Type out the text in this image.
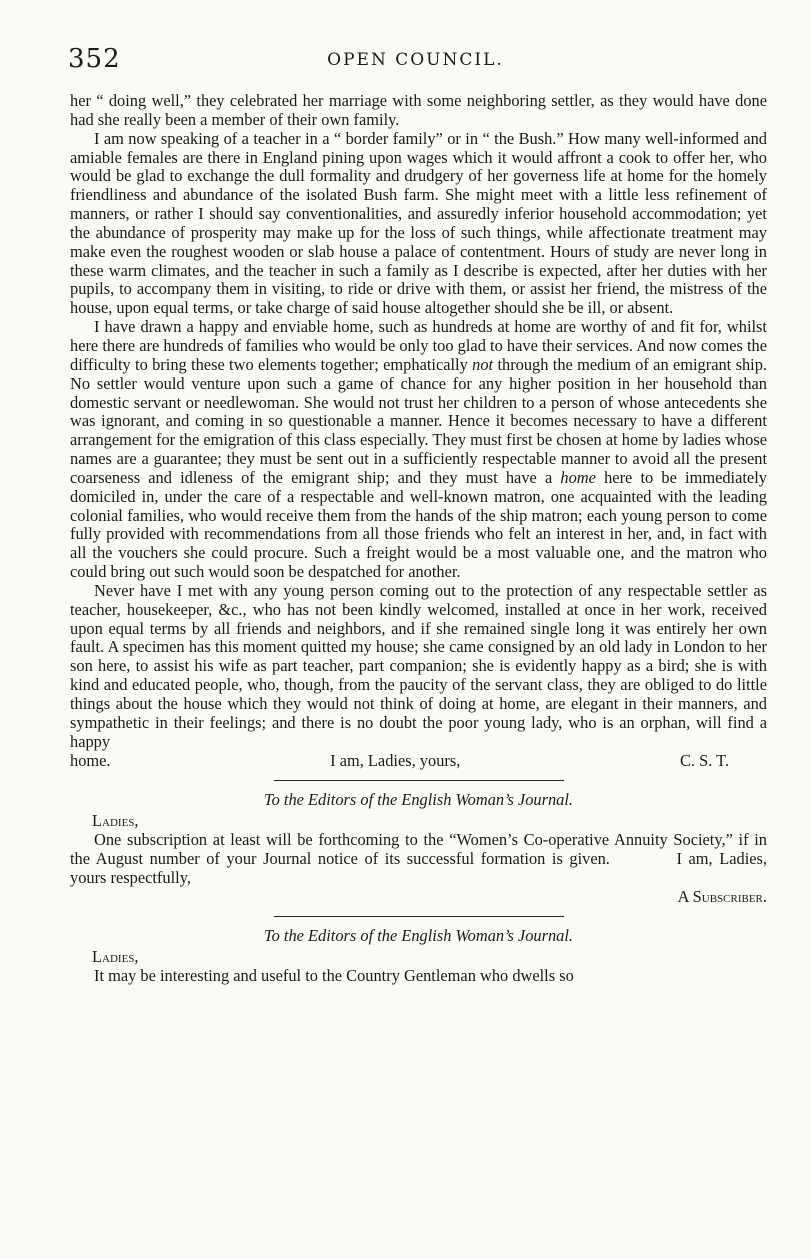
352	OPEN COUNCIL.

her “ doing well,” they celebrated her marriage with some neighboring settler, as they would have done had she really been a member of their own family.

I am now speaking of a teacher in a “ border family” or in “ the Bush.” How many well-informed and amiable females are there in England pining upon wages which it would affront a cook to offer her, who would be glad to exchange the dull formality and drudgery of her governess life at home for the homely friendliness and abundance of the isolated Bush farm. She might meet with a little less refinement of manners, or rather I should say conventionalities, and assuredly inferior household accommodation; yet the abundance of prosperity may make up for the loss of such things, while affectionate treatment may make even the roughest wooden or slab house a palace of contentment. Hours of study are never long in these warm climates, and the teacher in such a family as I describe is expected, after her duties with her pupils, to accompany them in visiting, to ride or drive with them, or assist her friend, the mistress of the house, upon equal terms, or take charge of said house altogether should she be ill, or absent.

I have drawn a happy and enviable home, such as hundreds at home are worthy of and fit for, whilst here there are hundreds of families who would be only too glad to have their services. And now comes the difficulty to bring these two elements together; emphatically not through the medium of an emigrant ship. No settler would venture upon such a game of chance for any higher position in her household than domestic servant or needlewoman. She would not trust her children to a person of whose antecedents she was ignorant, and coming in so questionable a manner. Hence it becomes necessary to have a different arrangement for the emigration of this class especially. They must first be chosen at home by ladies whose names are a guarantee; they must be sent out in a sufficiently respectable manner to avoid all the present coarseness and idleness of the emigrant ship; and they must have a home here to be immediately domiciled in, under the care of a respectable and well-known matron, one acquainted with the leading colonial families, who would receive them from the hands of the ship matron; each young person to come fully provided with recommendations from all those friends who felt an interest in her, and, in fact with all the vouchers she could procure. Such a freight would be a most valuable one, and the matron who could bring out such would soon be despatched for another.

Never have I met with any young person coming out to the protection of any respectable settler as teacher, housekeeper, &c., who has not been kindly welcomed, installed at once in her work, received upon equal terms by all friends and neighbors, and if she remained single long it was entirely her own fault. A specimen has this moment quitted my house; she came consigned by an old lady in London to her son here, to assist his wife as part teacher, part companion; she is evidently happy as a bird; she is with kind and educated people, who, though, from the paucity of the servant class, they are obliged to do little things about the house which they would not think of doing at home, are elegant in their manners, and sympathetic in their feelings; and there is no doubt the poor young lady, who is an orphan, will find a happy

home.	I am, Ladies, yours,	C. S. T.
To the Editors of the English Woman’s Journal.
Ladies,

One subscription at least will be forthcoming to the “Women’s Co-operative Annuity Society,” if in the August number of your Journal notice of its successful formation is given.	I am, Ladies, yours respectfully,

A Subscriber.
To the Editors of the English Woman’s Journal.
Ladies,

It may be interesting and useful to the Country Gentleman who dwells so
